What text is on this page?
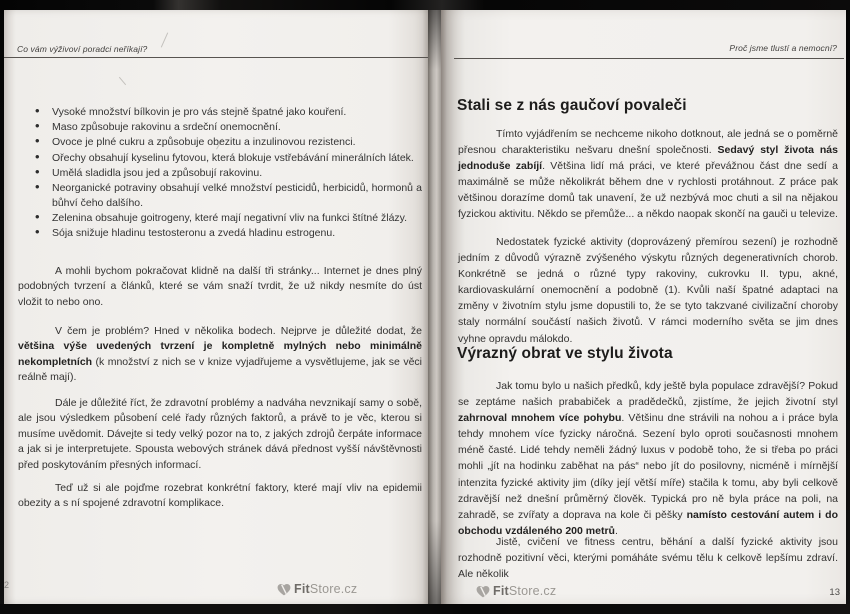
Co vám výživoví poradci neříkají?
• Vysoké množství bílkovin je pro vás stejně špatné jako kouření.
• Maso způsobuje rakovinu a srdeční onemocnění.
• Ovoce je plné cukru a způsobuje obezitu a inzulinovou rezistenci.
• Ořechy obsahují kyselinu fytovou, která blokuje vstřebávání minerálních látek.
• Umělá sladidla jsou jed a způsobují rakovinu.
• Neorganické potraviny obsahují velké množství pesticidů, herbicidů, hormonů a bůhví čeho dalšího.
• Zelenina obsahuje goitrogeny, které mají negativní vliv na funkci štítné žlázy.
• Sója snižuje hladinu testosteronu a zvedá hladinu estrogenu.

A mohli bychom pokračovat klidně na další tři stránky... Internet je dnes plný podobných tvrzení a článků, které se vám snaží tvrdit, že už nikdy nesmíte do úst vložit to nebo ono.

V čem je problém? Hned v několika bodech. Nejprve je důležité dodat, že většina výše uvedených tvrzení je kompletně mylných nebo minimálně nekompletních (k množství z nich se v knize vyjadřujeme a vysvětlujeme, jak se věci reálně mají).

Dále je důležité říct, že zdravotní problémy a nadváha nevznikají samy o sobě, ale jsou výsledkem působení celé řady různých faktorů, a právě to je věc, kterou si musíme uvědomit. Dávejte si tedy velký pozor na to, z jakých zdrojů čerpáte informace a jak si je interpretujete. Spousta webových stránek dává přednost vyšší návštěvnosti před poskytováním přesných informací.

Teď už si ale pojďme rozebrat konkrétní faktory, které mají vliv na epidemii obezity a s ní spojené zdravotní komplikace.

FitStore.cz
2
Proč jsme tlustí a nemocní?
Stali se z nás gaučoví povaleči

Tímto vyjádřením se nechceme nikoho dotknout, ale jedná se o poměrně přesnou charakteristiku nešvaru dnešní společnosti. Sedavý styl života nás jednoduše zabíjí. Většina lidí má práci, ve které převážnou část dne sedí a maximálně se může několikrát během dne v rychlosti protáhnout. Z práce pak většinou dorazíme domů tak unavení, že už nezbývá moc chuti a sil na nějakou fyzickou aktivitu. Někdo se přemůže... a někdo naopak skončí na gauči u televize.

Nedostatek fyzické aktivity (doprovázený přemírou sezení) je rozhodně jedním z důvodů výrazně zvýšeného výskytu různých degenerativních chorob. Konkrétně se jedná o různé typy rakoviny, cukrovku II. typu, akné, kardiovaskulární onemocnění a podobně (1). Kvůli naší špatné adaptaci na změny v životním stylu jsme dopustili to, že se tyto takzvané civilizační choroby staly normální součástí našich životů. V rámci moderního světa se jim dnes vyhne opravdu málokdo.

Výrazný obrat ve stylu života

Jak tomu bylo u našich předků, kdy ještě byla populace zdravější? Pokud se zeptáme našich prababiček a pradědečků, zjistíme, že jejich životní styl zahrnoval mnohem více pohybu. Většinu dne strávili na nohou a i práce byla tehdy mnohem více fyzicky náročná. Sezení bylo oproti současnosti mnohem méně časté. Lidé tehdy neměli žádný luxus v podobě toho, že si třeba po práci mohli „jít na hodinku zaběhat na pás“ nebo jít do posilovny, nicméně i mírnější intenzita fyzické aktivity jim (díky její větší míře) stačila k tomu, aby byli celkově zdravější než dnešní průměrný člověk. Typická pro ně byla práce na poli, na zahradě, se zvířaty a doprava na kole či pěšky namísto cestování autem i do obchodu vzdáleného 200 metrů.

Jistě, cvičení ve fitness centru, běhání a další fyzické aktivity jsou rozhodně pozitivní věci, kterými pomáháte svému tělu k celkově lepšímu zdraví. Ale několik

FitStore.cz	13
